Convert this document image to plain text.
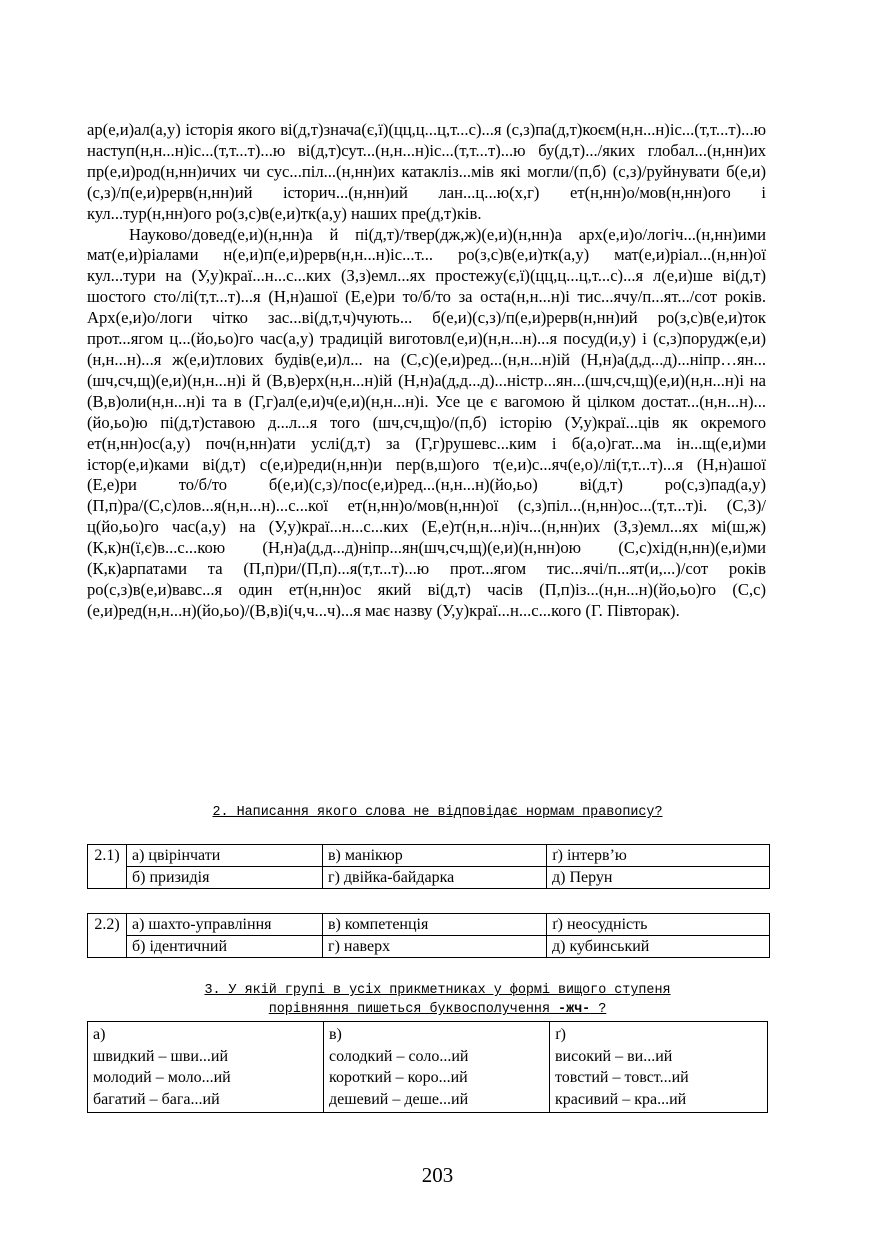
ар(е,и)ал(а,у) історія якого ві(д,т)знача(є,ї)(цц,ц...ц,т...с)...я (с,з)па(д,т)коєм(н,н...н)іс...(т,т...т)...ю наступ(н,н...н)іс...(т,т...т)...ю ві(д,т)сут...(н,н...н)іс...(т,т...т)...ю бу(д,т).../яких глобал...(н,нн)их пр(е,и)род(н,нн)ичих чи сус...піл...(н,нн)их катакліз...мів які могли/(п,б) (с,з)/руйнувати б(е,и)(с,з)/п(е,и)рерв(н,нн)ий історич...(н,нн)ий лан...ц...ю(х,г) ет(н,нн)о/мов(н,нн)ого і кул...тур(н,нн)ого ро(з,с)в(е,и)тк(а,у) наших пре(д,т)ків.

Науково/довед(е,и)(н,нн)а й пі(д,т)/твер(дж,ж)(е,и)(н,нн)а арх(е,и)о/логіч...(н,нн)ими мат(е,и)ріалами н(е,и)п(е,и)рерв(н,н...н)іс...т... ро(з,с)в(е,и)тк(а,у) мат(е,и)ріал...(н,нн)ої кул...тури на (У,у)краї...н...с...ких (З,з)емл...ях простежу(є,ї)(цц,ц...ц,т...с)...я л(е,и)ше ві(д,т) шостого сто/лі(т,т...т)...я (Н,н)ашої (Е,е)ри то/б/то за оста(н,н...н)і тис...ячу/п...ят.../сот років. Арх(е,и)о/логи чітко зас...ві(д,т,ч)чують... б(е,и)(с,з)/п(е,и)рерв(н,нн)ий ро(з,с)в(е,и)ток прот...ягом ц...(йо,ьо)го час(а,у) традицій виготовл(е,и)(н,н...н)...я посуд(и,у) і (с,з)порудж(е,и)(н,н...н)...я ж(е,и)тлових будів(е,и)л... на (С,с)(е,и)ред...(н,н...н)ій (Н,н)а(д,д...д)...ніпр…ян...(шч,сч,щ)(е,и)(н,н...н)і й (В,в)ерх(н,н...н)ій (Н,н)а(д,д...д)...ністр...ян...(шч,сч,щ)(е,и)(н,н...н)і на (В,в)оли(н,н...н)і та в (Г,г)ал(е,и)ч(е,и)(н,н...н)і. Усе це є вагомою й цілком достат...(н,н...н)...(йо,ьо)ю пі(д,т)ставою д...л...я того (шч,сч,щ)о/(п,б) історію (У,у)краї...ців як окремого ет(н,нн)ос(а,у) поч(н,нн)ати услі(д,т) за (Г,г)рушевс...ким і б(а,о)гат...ма ін...щ(е,и)ми істор(е,и)ками ві(д,т) с(е,и)реди(н,нн)и пер(в,ш)ого т(е,и)с...яч(е,о)/лі(т,т...т)...я (Н,н)ашої (Е,е)ри то/б/то б(е,и)(с,з)/пос(е,и)ред...(н,н...н)(йо,ьо) ві(д,т) ро(с,з)пад(а,у) (П,п)ра/(С,с)лов...я(н,н...н)...с...кої ет(н,нн)о/мов(н,нн)ої (с,з)піл...(н,нн)ос...(т,т...т)і. (С,З)/ц(йо,ьо)го час(а,у) на (У,у)краї...н...с...ких (Е,е)т(н,н...н)іч...(н,нн)их (З,з)емл...ях мі(ш,ж) (К,к)н(ї,є)в...с...кою (Н,н)а(д,д...д)ніпр...ян(шч,сч,щ)(е,и)(н,нн)ою (С,с)хід(н,нн)(е,и)ми (К,к)арпатами та (П,п)ри/(П,п)...я(т,т...т)...ю прот...ягом тис...ячі/п...ят(и,...)/сот років ро(с,з)в(е,и)вавс...я один ет(н,нн)ос який ві(д,т) часів (П,п)із...(н,н...н)(йо,ьо)го (С,с)(е,и)ред(н,н...н)(йо,ьо)/(В,в)і(ч,ч...ч)...я має назву (У,у)краї...н...с...кого (Г. Півторак).

2. Написання якого слова не відповідає нормам правопису?
2.1)	а) цвірінчати	в) манікюр	ґ) інтерв’ю
	б) призидія	г) двійка-байдарка	д) Перун
2.2)	а) шахто-управління	в) компетенція	ґ) неосудність
	б) ідентичний	г) наверх	д) кубинський
3. У якій групі в усіх прикметниках у формі вищого ступеня
порівняння пишеться буквосполучення -жч- ?
а)
швидкий – шви...ий
молодий – моло...ий
багатий – бага...ий

в)
солодкий – соло...ий
короткий – коро...ий
дешевий – деше...ий

ґ)
високий – ви...ий
товстий – товст...ий
красивий – кра...ий
203
